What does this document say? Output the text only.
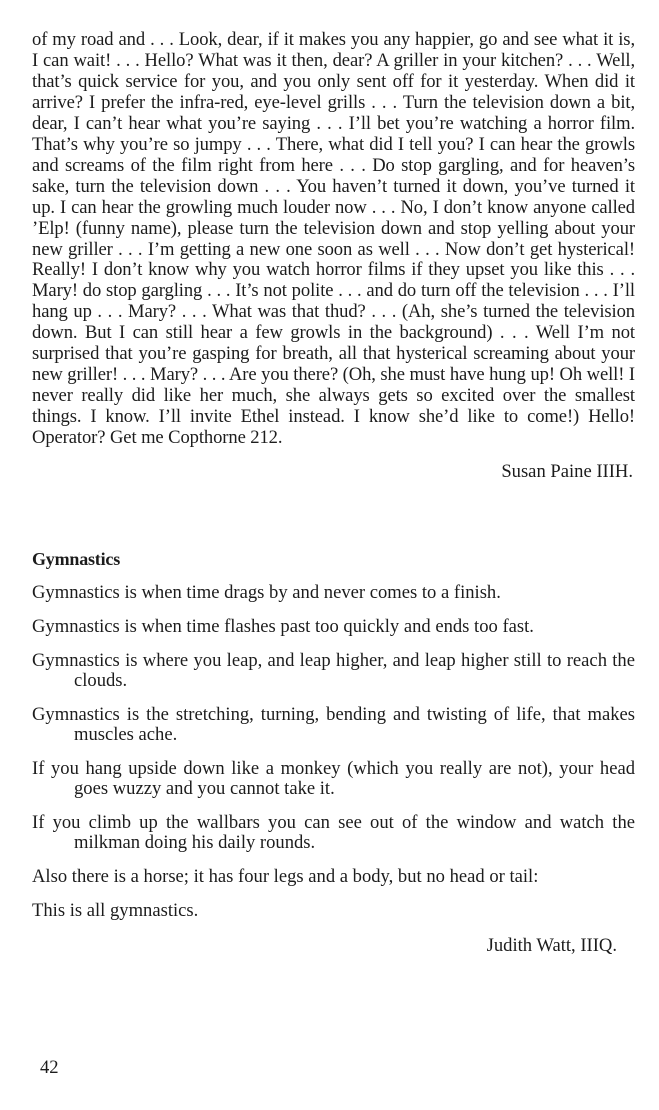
of my road and . . . Look, dear, if it makes you any happier, go and see what it is, I can wait! . . . Hello? What was it then, dear? A griller in your kitchen? . . . Well, that’s quick service for you, and you only sent off for it yesterday. When did it arrive? I prefer the infra-red, eye-level grills . . . Turn the television down a bit, dear, I can’t hear what you’re saying . . . I’ll bet you’re watching a horror film. That’s why you’re so jumpy . . . There, what did I tell you? I can hear the growls and screams of the film right from here . . . Do stop gargling, and for heaven’s sake, turn the television down . . . You haven’t turned it down, you’ve turned it up. I can hear the growling much louder now . . . No, I don’t know anyone called ’Elp! (funny name), please turn the television down and stop yelling about your new griller . . . I’m getting a new one soon as well . . . Now don’t get hysterical! Really! I don’t know why you watch horror films if they upset you like this . . . Mary! do stop gargling . . . It’s not polite . . . and do turn off the television . . . I’ll hang up . . . Mary? . . . What was that thud? . . . (Ah, she’s turned the television down. But I can still hear a few growls in the background) . . . Well I’m not surprised that you’re gasping for breath, all that hysterical screaming about your new griller! . . . Mary? . . . Are you there? (Oh, she must have hung up! Oh well! I never really did like her much, she always gets so excited over the smallest things. I know. I’ll invite Ethel instead. I know she’d like to come!) Hello! Operator? Get me Copthorne 212.

Susan Paine IIIH.

Gymnastics

Gymnastics is when time drags by and never comes to a finish.

Gymnastics is when time flashes past too quickly and ends too fast.

Gymnastics is where you leap, and leap higher, and leap higher still to reach the clouds.

Gymnastics is the stretching, turning, bending and twisting of life, that makes muscles ache.

If you hang upside down like a monkey (which you really are not), your head goes wuzzy and you cannot take it.

If you climb up the wallbars you can see out of the window and watch the milkman doing his daily rounds.

Also there is a horse; it has four legs and a body, but no head or tail:

This is all gymnastics.

Judith Watt, IIIQ.

42
